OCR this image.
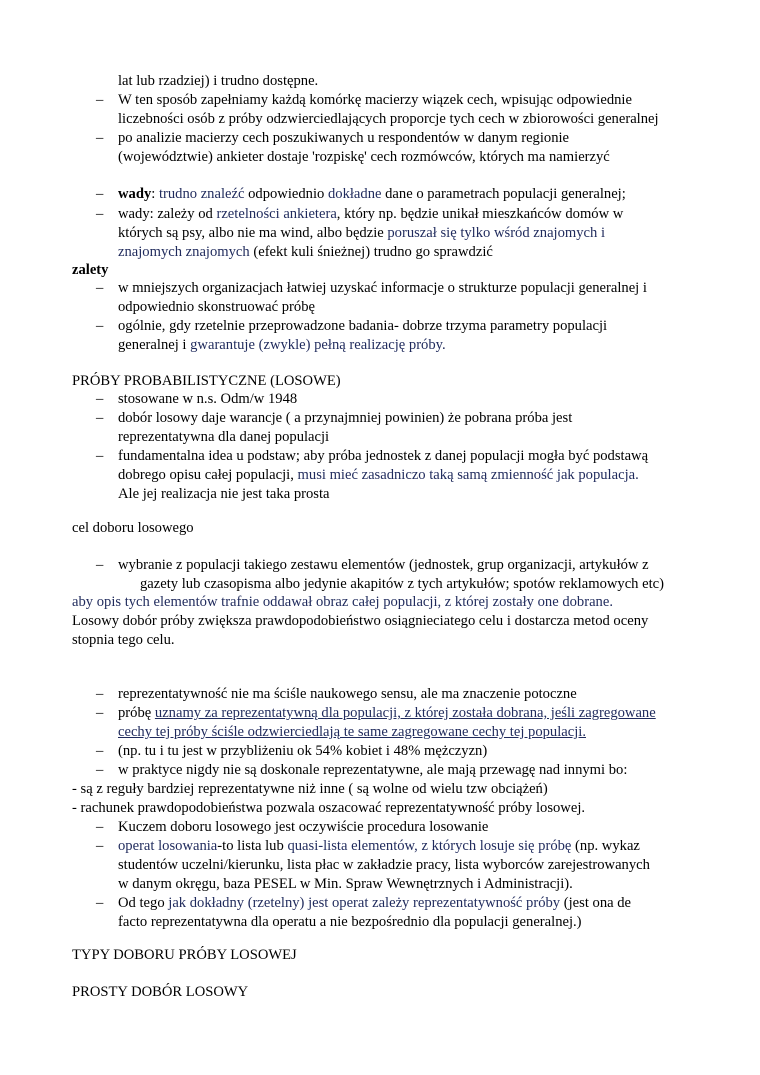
lat lub rzadziej) i trudno dostępne.
– W ten sposób zapełniamy każdą komórkę macierzy wiązek cech, wpisując odpowiednie
liczebności osób z próby odzwierciedlających proporcje tych cech w zbiorowości generalnej
– po analizie macierzy cech poszukiwanych u respondentów w danym regionie
(województwie) ankieter dostaje 'rozpiskę' cech rozmówców, których ma namierzyć
– wady: trudno znaleźć odpowiednio dokładne dane o parametrach populacji generalnej;
– wady: zależy od rzetelności ankietera, który np. będzie unikał mieszkańców domów w
których są psy, albo nie ma wind, albo będzie poruszał się tylko wśród znajomych i
znajomych znajomych (efekt kuli śnieżnej) trudno go sprawdzić
zalety
– w mniejszych organizacjach łatwiej uzyskać informacje o strukturze populacji generalnej i
odpowiednio skonstruować próbę
– ogólnie, gdy rzetelnie przeprowadzone badania- dobrze trzyma parametry populacji
generalnej i gwarantuje (zwykle) pełną realizację próby.
PRÓBY PROBABILISTYCZNE (LOSOWE)
– stosowane w n.s. Odm/w 1948
– dobór losowy daje warancje ( a przynajmniej powinien) że pobrana próba jest
reprezentatywna dla danej populacji
– fundamentalna idea u podstaw; aby próba jednostek z danej populacji mogła być podstawą
dobrego opisu całej populacji, musi mieć zasadniczo taką samą zmienność jak populacja.
Ale jej realizacja nie jest taka prosta
cel doboru losowego
– wybranie z populacji takiego zestawu elementów (jednostek, grup organizacji, artykułów z
gazety lub czasopisma albo jedynie akapitów z tych artykułów; spotów reklamowych etc)
aby opis tych elementów trafnie oddawał obraz całej populacji, z której zostały one dobrane.
Losowy dobór próby zwiększa prawdopodobieństwo osiągnieciatego celu i dostarcza metod oceny
stopnia tego celu.
– reprezentatywność nie ma ściśle naukowego sensu, ale ma znaczenie potoczne
– próbę uznamy za reprezentatywną dla populacji, z której została dobrana, jeśli zagregowane
cechy tej próby ściśle odzwierciedlają te same zagregowane cechy tej populacji.
– (np. tu i tu jest w przybliżeniu ok 54% kobiet i 48% mężczyzn)
– w praktyce nigdy nie są doskonale reprezentatywne, ale mają przewagę nad innymi bo:
- są z reguły bardziej reprezentatywne niż inne ( są wolne od wielu tzw obciążeń)
- rachunek prawdopodobieństwa pozwala oszacować reprezentatywność próby losowej.
– Kuczem doboru losowego jest oczywiście procedura losowanie
– operat losowania-to lista lub quasi-lista elementów, z których losuje się próbę (np. wykaz
studentów uczelni/kierunku, lista płac w zakładzie pracy, lista wyborców zarejestrowanych
w danym okręgu, baza PESEL w Min. Spraw Wewnętrznych i Administracji).
– Od tego jak dokładny (rzetelny) jest operat zależy reprezentatywność próby (jest ona de
facto reprezentatywna dla operatu a nie bezpośrednio dla populacji generalnej.)
TYPY DOBORU PRÓBY LOSOWEJ
PROSTY DOBÓR LOSOWY
